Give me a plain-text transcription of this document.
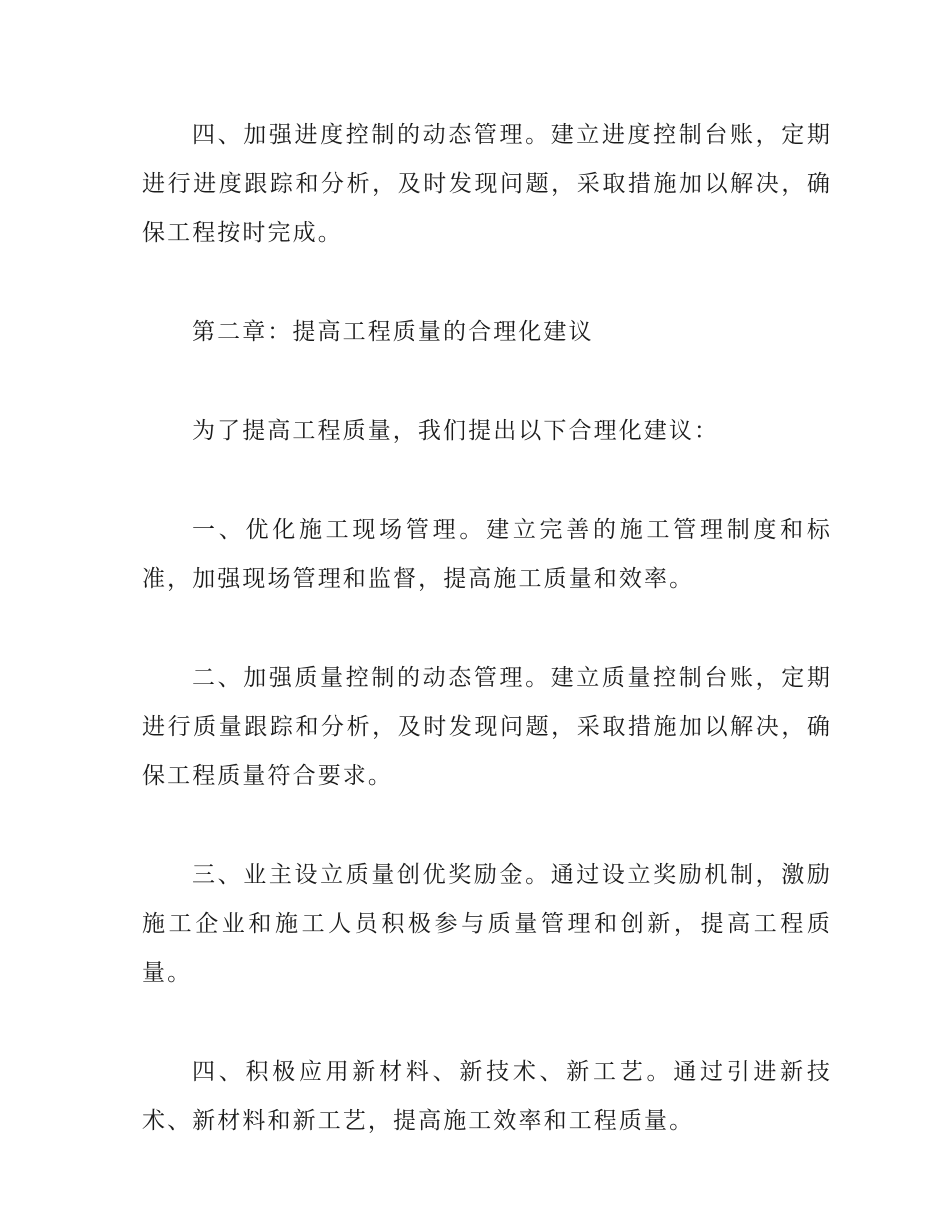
四、加强进度控制的动态管理。建立进度控制台账，定期进行进度跟踪和分析，及时发现问题，采取措施加以解决，确保工程按时完成。

第二章：提高工程质量的合理化建议

为了提高工程质量，我们提出以下合理化建议：

一、优化施工现场管理。建立完善的施工管理制度和标准，加强现场管理和监督，提高施工质量和效率。

二、加强质量控制的动态管理。建立质量控制台账，定期进行质量跟踪和分析，及时发现问题，采取措施加以解决，确保工程质量符合要求。

三、业主设立质量创优奖励金。通过设立奖励机制，激励施工企业和施工人员积极参与质量管理和创新，提高工程质量。

四、积极应用新材料、新技术、新工艺。通过引进新技术、新材料和新工艺，提高施工效率和工程质量。
